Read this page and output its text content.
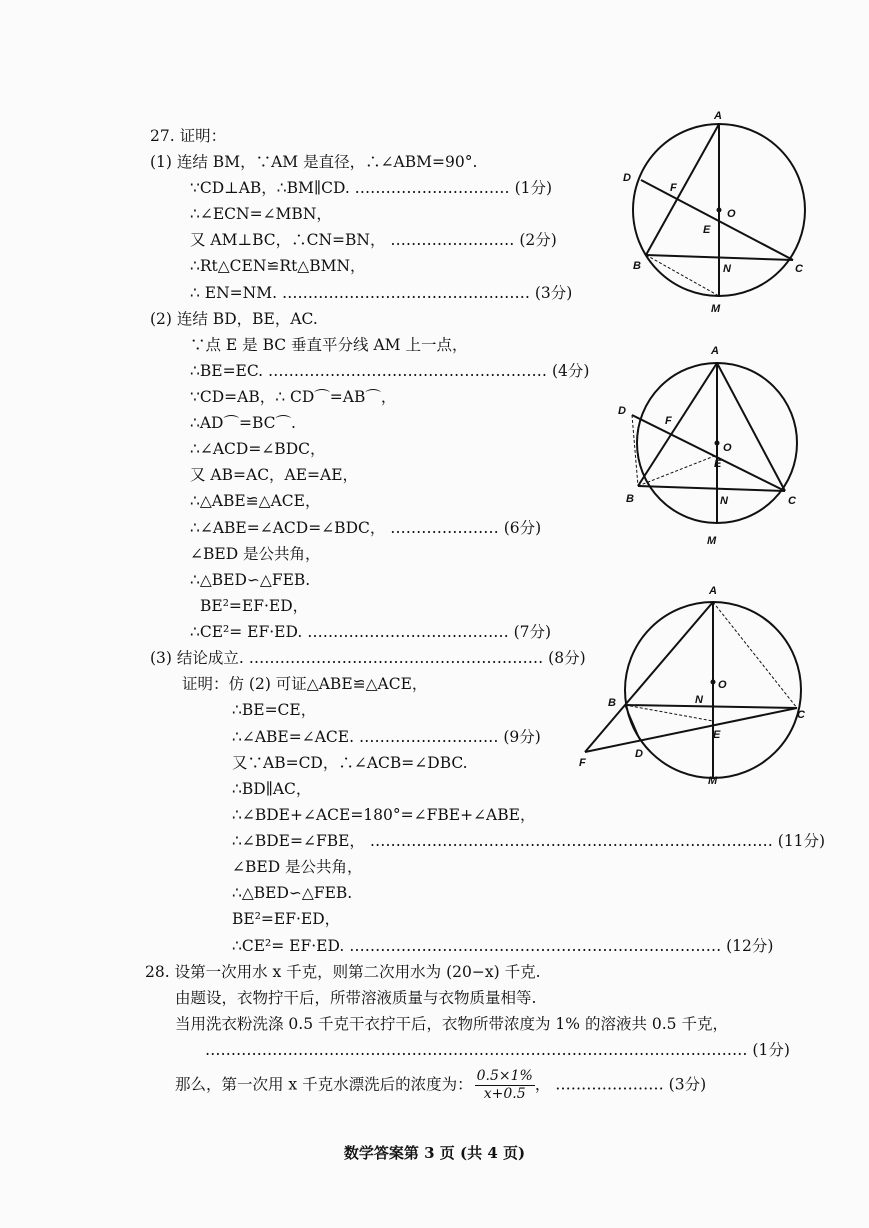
27. 证明：
(1) 连结 BM，∵AM 是直径，∴∠ABM=90°.
∵CD⊥AB，∴BM∥CD. ………………………… (1分)
∴∠ECN=∠MBN，
又 AM⊥BC，∴CN=BN， …………………… (2分)
∴Rt△CEN≌Rt△BMN，
∴ EN=NM. ………………………………………… (3分)
(2) 连结 BD，BE，AC.
∵点 E 是 BC 垂直平分线 AM 上一点，
∴BE=EC. ……………………………………………… (4分)
∵CD=AB，∴ CD⌒=AB⌒，
∴AD⌒=BC⌒.
∴∠ACD=∠BDC，
又 AB=AC，AE=AE，
∴△ABE≌△ACE，
∴∠ABE=∠ACD=∠BDC， ………………… (6分)
∠BED 是公共角，
∴△BED∽△FEB.
BE²=EF·ED，
∴CE²= EF·ED. ………………………………… (7分)
(3) 结论成立. ………………………………………………… (8分)
证明：仿 (2) 可证△ABE≌△ACE，
∴BE=CE，
∴∠ABE=∠ACE. ……………………… (9分)
又∵AB=CD，∴∠ACB=∠DBC.
∴BD∥AC，
∴∠BDE+∠ACE=180°=∠FBE+∠ABE，
∴∠BDE=∠FBE， …………………………………………………………………… (11分)
∠BED 是公共角，
∴△BED∽△FEB.
BE²=EF·ED，
∴CE²= EF·ED. ……………………………………………………………… (12分)
28. 设第一次用水 x 千克，则第二次用水为 (20−x) 千克.
由题设，衣物拧干后，所带溶液质量与衣物质量相等.
当用洗衣粉洗涤 0.5 千克干衣拧干后，衣物所带浓度为 1% 的溶液共 0.5 千克，
…………………………………………………………………………………………… (1分)
那么，第一次用 x 千克水漂洗后的浓度为： $\frac{0.5\times 1\%}{x+0.5}$ ， ………………… (3分)
A
D
F
O
E
B	N	C
M
A
D
F
O
E
B	N	C
M
A
O
N
B
C
E
D
F
M
数学答案第 3 页 (共 4 页)
